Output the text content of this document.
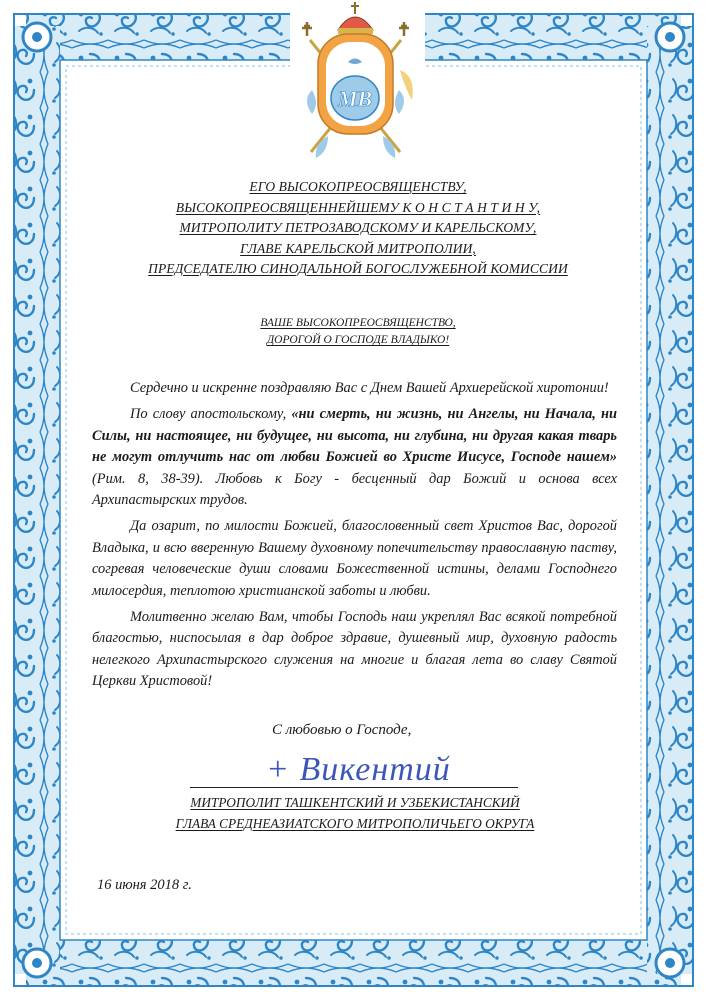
МВ
ЕГО ВЫСОКОПРЕОСВЯЩЕНСТВУ,
ВЫСОКОПРЕОСВЯЩЕННЕЙШЕМУ К О Н С Т А Н Т И Н У,
МИТРОПОЛИТУ ПЕТРОЗАВОДСКОМУ И КАРЕЛЬСКОМУ,
ГЛАВЕ КАРЕЛЬСКОЙ МИТРОПОЛИИ,
ПРЕДСЕДАТЕЛЮ СИНОДАЛЬНОЙ БОГОСЛУЖЕБНОЙ КОМИССИИ
ВАШЕ ВЫСОКОПРЕОСВЯЩЕНСТВО,
ДОРОГОЙ О ГОСПОДЕ ВЛАДЫКО!

Сердечно и искренне поздравляю Вас с Днем Вашей Архиерейской хиротонии!

По слову апостольскому, «ни смерть, ни жизнь, ни Ангелы, ни Начала, ни Силы, ни настоящее, ни будущее, ни высота, ни глубина, ни другая какая тварь не могут отлучить нас от любви Божией во Христе Иисусе, Господе нашем» (Рим. 8, 38-39). Любовь к Богу - бесценный дар Божий и основа всех Архипастырских трудов.

Да озарит, по милости Божией, благословенный свет Христов Вас, дорогой Владыка, и всю вверенную Вашему духовному попечительству православную паству, согревая человеческие души словами Божественной истины, делами Господнего милосердия, теплотою христианской заботы и любви.

Молитвенно желаю Вам, чтобы Господь наш укреплял Вас всякой потребной благостью, ниспосылая в дар доброе здравие, душевный мир, духовную радость нелегкого Архипастырского служения на многие и благая лета во славу Святой Церкви Христовой!

С любовью о Господе,
+ Викентий
МИТРОПОЛИТ ТАШКЕНТСКИЙ И УЗБЕКИСТАНСКИЙ
ГЛАВА СРЕДНЕАЗИАТСКОГО МИТРОПОЛИЧЬЕГО ОКРУГА
16 июня 2018 г.
